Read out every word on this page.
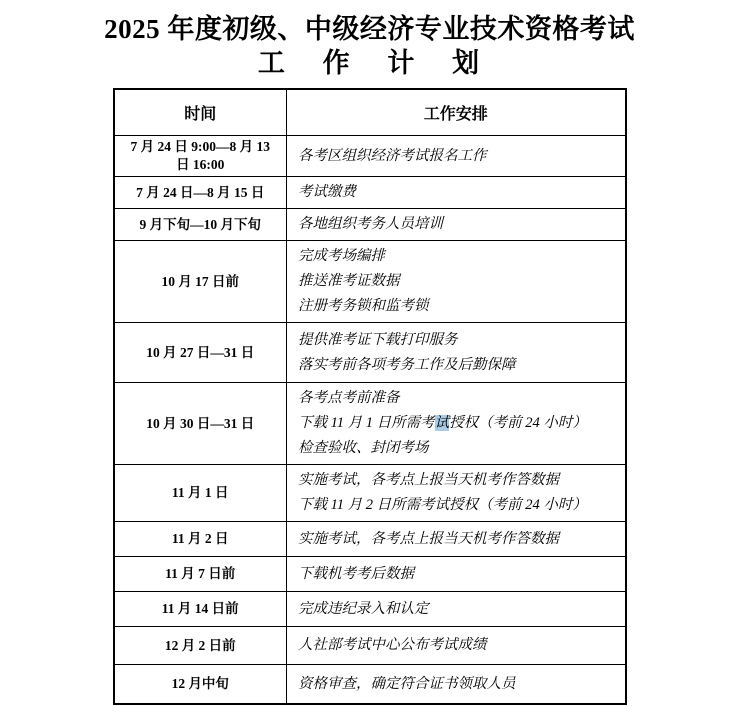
2025 年度初级、中级经济专业技术资格考试
工 作 计 划
时间	工作安排
7 月 24 日 9:00—8 月 13 日 16:00	各考区组织经济考试报名工作

7 月 24 日—8 月 15 日	考试缴费

9 月下旬—10 月下旬	各地组织考务人员培训

10 月 17 日前	完成考场编排
推送准考证数据
注册考务锁和监考锁

10 月 27 日—31 日	提供准考证下载打印服务
落实考前各项考务工作及后勤保障

10 月 30 日—31 日	各考点考前准备
下载 11 月 1 日所需考试授权（考前 24 小时）
检查验收、封闭考场

11 月 1 日	实施考试，各考点上报当天机考作答数据
下载 11 月 2 日所需考试授权（考前 24 小时）

11 月 2 日	实施考试，各考点上报当天机考作答数据

11 月 7 日前	下载机考考后数据

11 月 14 日前	完成违纪录入和认定

12 月 2 日前	人社部考试中心公布考试成绩

12 月中旬	资格审查，确定符合证书领取人员
